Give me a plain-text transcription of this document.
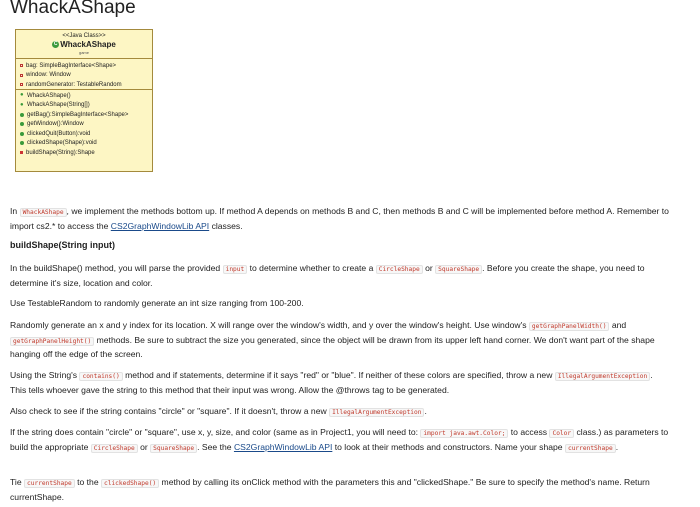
WhackAShape
<<Java Class>>
C WhackAShape
game
bag: SimpleBagInterface<Shape>
window: Window
randomGenerator: TestableRandom
● WhackAShape()
● WhackAShape(String[])
getBag():SimpleBagInterface<Shape>
getWindow():Window
clickedQuit(Button):void
clickedShape(Shape):void
buildShape(String):Shape

In WhackAShape , we implement the methods bottom up. If method A depends on methods B and C, then methods B and C will be implemented before method A. Remember to import cs2.* to access the CS2GraphWindowLib API classes.

buildShape(String input)

In the buildShape() method, you will parse the provided input to determine whether to create a CircleShape or SquareShape . Before you create the shape, you need to determine it's size, location and color.

Use TestableRandom to randomly generate an int size ranging from 100-200.

Randomly generate an x and y index for its location. X will range over the window's width, and y over the window's height. Use window's getGraphPanelWidth() and getGraphPanelHeight() methods. Be sure to subtract the size you generated, since the object will be drawn from its upper left hand corner. We don't want part of the shape hanging off the edge of the screen.

Using the String's contains() method and if statements, determine if it says "red" or "blue". If neither of these colors are specified, throw a new IllegalArgumentException . This tells whoever gave the string to this method that their input was wrong. Allow the @throws tag to be generated.

Also check to see if the string contains "circle" or "square". If it doesn't, throw a new IllegalArgumentException .

If the string does contain "circle" or "square", use x, y, size, and color (same as in Project1, you will need to: import java.awt.Color; to access Color class.) as parameters to build the appropriate CircleShape or SquareShape . See the CS2GraphWindowLib API to look at their methods and constructors. Name your shape currentShape .

Tie currentShape to the clickedShape() method by calling its onClick method with the parameters this and "clickedShape." Be sure to specify the method's name. Return currentShape.
